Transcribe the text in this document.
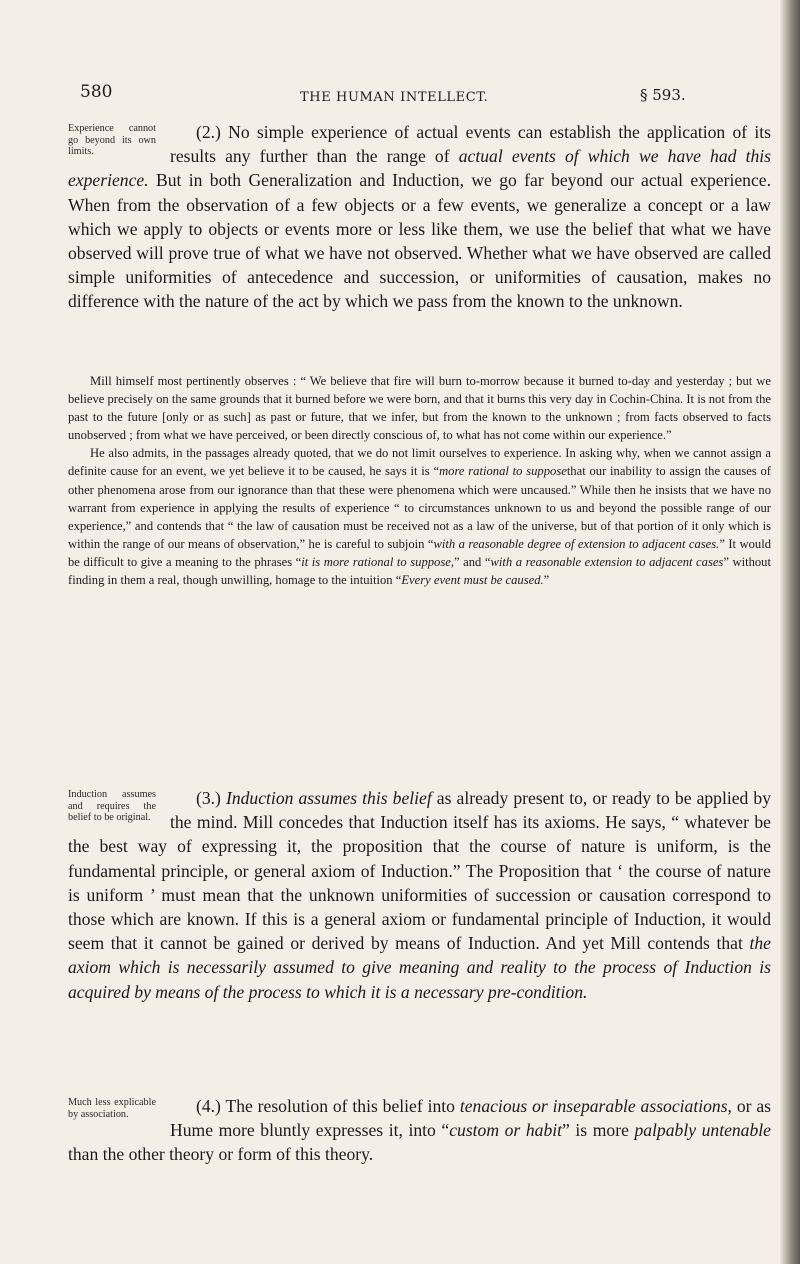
580	THE HUMAN INTELLECT.	§ 593.
Experience cannot go beyond its own limits.

(2.) No simple experience of actual events can establish the application of its results any further than the range of actual events of which we have had this experience. But in both Generalization and Induction, we go far beyond our actual experience. When from the observation of a few objects or a few events, we generalize a concept or a law which we apply to objects or events more or less like them, we use the belief that what we have observed will prove true of what we have not observed. Whether what we have observed are called simple uniformities of antecedence and succession, or uniformities of causation, makes no difference with the nature of the act by which we pass from the known to the unknown.

Mill himself most pertinently observes : “ We believe that fire will burn to-morrow because it burned to-day and yesterday ; but we believe precisely on the same grounds that it burned before we were born, and that it burns this very day in Cochin-China. It is not from the past to the future [only or as such] as past or future, that we infer, but from the known to the unknown ; from facts observed to facts unobserved ; from what we have perceived, or been directly conscious of, to what has not come within our experience.”

He also admits, in the passages already quoted, that we do not limit ourselves to experience. In asking why, when we cannot assign a definite cause for an event, we yet believe it to be caused, he says it is “more rational to supposethat our inability to assign the causes of other phenomena arose from our ignorance than that these were phenomena which were uncaused.” While then he insists that we have no warrant from experience in applying the results of experience “ to circumstances unknown to us and beyond the possible range of our experience,” and contends that “ the law of causation must be received not as a law of the universe, but of that portion of it only which is within the range of our means of observation,” he is careful to subjoin “with a reasonable degree of extension to adjacent cases.” It would be difficult to give a meaning to the phrases “it is more rational to suppose,” and “with a reasonable extension to adjacent cases” without finding in them a real, though unwilling, homage to the intuition “Every event must be caused.”

Induction assumes and requires the belief to be original.

(3.) Induction assumes this belief as already present to, or ready to be applied by the mind. Mill concedes that Induction itself has its axioms. He says, “ whatever be the best way of expressing it, the proposition that the course of nature is uniform, is the fundamental principle, or general axiom of Induction.” The Proposition that ‘ the course of nature is uniform ’ must mean that the unknown uniformities of succession or causation correspond to those which are known. If this is a general axiom or fundamental principle of Induction, it would seem that it cannot be gained or derived by means of Induction. And yet Mill contends that the axiom which is necessarily assumed to give meaning and reality to the process of Induction is acquired by means of the process to which it is a necessary pre-condition.

Much less explicable by association.	(4.) The resolution of this belief into tenacious or inseparable associations, or as Hume more bluntly expresses it, into “custom or habit” is more palpably untenable than the other theory or form of this theory.
